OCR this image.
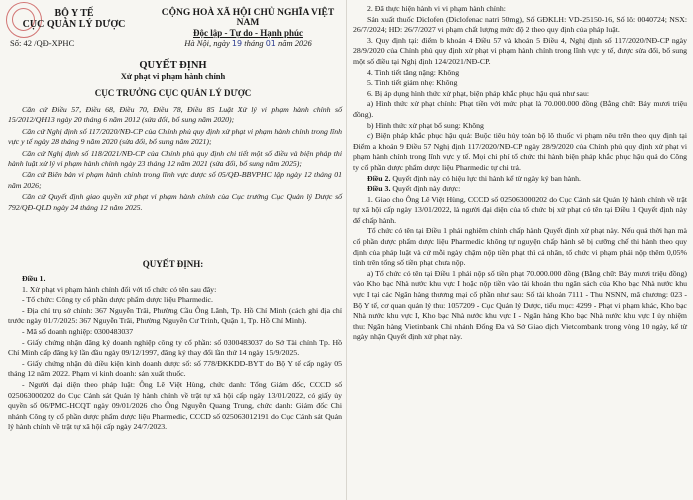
BỘ Y TẾ
CỤC QUẢN LÝ DƯỢC
Số: 42 /QĐ-XPHC
CỘNG HOÀ XÃ HỘI CHỦ NGHĨA VIỆT NAM
Độc lập - Tự do - Hạnh phúc
Hà Nội, ngày 19 tháng 01 năm 2026
QUYẾT ĐỊNH
Xử phạt vi phạm hành chính
CỤC TRƯỞNG CỤC QUẢN LÝ DƯỢC

Căn cứ Điều 57, Điều 68, Điều 70, Điều 78, Điều 85 Luật Xử lý vi phạm hành chính số 15/2012/QH13 ngày 20 tháng 6 năm 2012 (sửa đổi, bổ sung năm 2020);

Căn cứ Nghị định số 117/2020/NĐ-CP của Chính phủ quy định xử phạt vi phạm hành chính trong lĩnh vực y tế ngày 28 tháng 9 năm 2020 (sửa đổi, bổ sung năm 2021);

Căn cứ Nghị định số 118/2021/NĐ-CP của Chính phủ quy định chi tiết một số điều và biện pháp thi hành luật xử lý vi phạm hành chính ngày 23 tháng 12 năm 2021 (sửa đổi, bổ sung năm 2025);

Căn cứ Biên bản vi phạm hành chính trong lĩnh vực dược số 05/QĐ-BBVPHC lập ngày 12 tháng 01 năm 2026;

Căn cứ Quyết định giao quyền xử phạt vi phạm hành chính của Cục trưởng Cục Quản lý Dược số 792/QĐ-QLD ngày 24 tháng 12 năm 2025.

QUYẾT ĐỊNH:

Điều 1.

1. Xử phạt vi phạm hành chính đối với tổ chức có tên sau đây:

- Tổ chức: Công ty cổ phần dược phẩm dược liệu Pharmedic.

- Địa chỉ trụ sở chính: 367 Nguyễn Trãi, Phường Cầu Ông Lãnh, Tp. Hồ Chí Minh (cách ghi địa chỉ trước ngày 01/7/2025: 367 Nguyễn Trãi, Phường Nguyễn Cư Trinh, Quận 1, Tp. Hồ Chí Minh).

- Mã số doanh nghiệp: 0300483037

- Giấy chứng nhận đăng ký doanh nghiệp công ty cổ phần: số 0300483037 do Sở Tài chính Tp. Hồ Chí Minh cấp đăng ký lần đầu ngày 09/12/1997, đăng ký thay đổi lần thứ 14 ngày 15/9/2025.

- Giấy chứng nhận đủ điều kiện kinh doanh dược số: số 778/ĐKKDD-BYT do Bộ Y tế cấp ngày 05 tháng 12 năm 2022. Phạm vi kinh doanh: sản xuất thuốc.

- Người đại diện theo pháp luật: Ông Lê Việt Hùng, chức danh: Tổng Giám đốc, CCCD số 025063000202 do Cục Cảnh sát Quản lý hành chính về trật tự xã hội cấp ngày 13/01/2022, có giấy ủy quyền số 06/PMC-HCQT ngày 09/01/2026 cho Ông Nguyễn Quang Trung, chức danh: Giám đốc Chi nhánh Công ty cổ phần dược phẩm dược liệu Pharmedic, CCCD số 025063012191 do Cục Cảnh sát Quản lý hành chính về trật tự xã hội cấp ngày 24/7/2023.

2. Đã thực hiện hành vi vi phạm hành chính:

Sản xuất thuốc Diclofen (Diclofenac natri 50mg), Số GĐKLH: VD-25150-16, Số lô: 0040724; NSX: 26/7/2024; HD: 26/7/2027 vi phạm chất lượng mức độ 2 theo quy định của pháp luật.

3. Quy định tại: điểm b khoản 4 Điều 57 và khoản 5 Điều 4, Nghị định số 117/2020/NĐ-CP ngày 28/9/2020 của Chính phủ quy định xử phạt vi phạm hành chính trong lĩnh vực y tế, được sửa đổi, bổ sung một số điều tại Nghị định 124/2021/NĐ-CP.

4. Tình tiết tăng nặng: Không

5. Tình tiết giảm nhẹ: Không

6. Bị áp dụng hình thức xử phạt, biện pháp khắc phục hậu quả như sau:

a) Hình thức xử phạt chính: Phạt tiền với mức phạt là 70.000.000 đồng (Bằng chữ: Bảy mươi triệu đồng).

b) Hình thức xử phạt bổ sung: Không

c) Biện pháp khắc phục hậu quả: Buộc tiêu hủy toàn bộ lô thuốc vi phạm nêu trên theo quy định tại Điểm a khoản 9 Điều 57 Nghị định 117/2020/NĐ-CP ngày 28/9/2020 của Chính phủ quy định xử phạt vi phạm hành chính trong lĩnh vực y tế. Mọi chi phí tổ chức thi hành biện pháp khắc phục hậu quả do Công ty cổ phần dược phẩm dược liệu Pharmedic tự chi trả.

Điều 2. Quyết định này có hiệu lực thi hành kể từ ngày ký ban hành.

Điều 3. Quyết định này được:

1. Giao cho Ông Lê Việt Hùng, CCCD số 025063000202 do Cục Cảnh sát Quản lý hành chính về trật tự xã hội cấp ngày 13/01/2022, là người đại diện của tổ chức bị xử phạt có tên tại Điều 1 Quyết định này để chấp hành.

Tổ chức có tên tại Điều 1 phải nghiêm chỉnh chấp hành Quyết định xử phạt này. Nếu quá thời hạn mà cổ phần dược phẩm dược liệu Pharmedic không tự nguyện chấp hành sẽ bị cưỡng chế thi hành theo quy định của pháp luật và cứ mỗi ngày chậm nộp tiền phạt thì cá nhân, tổ chức vi phạm phải nộp thêm 0,05% tính trên tổng số tiền phạt chưa nộp.

a) Tổ chức có tên tại Điều 1 phải nộp số tiền phạt 70.000.000 đồng (Bằng chữ: Bảy mươi triệu đồng) vào Kho bạc Nhà nước khu vực I hoặc nộp tiền vào tài khoản thu ngân sách của Kho bạc Nhà nước khu vực I tại các Ngân hàng thương mại cổ phần như sau: Số tài khoản 7111 - Thu NSNN, mã chương: 023 - Bộ Y tế, cơ quan quản lý thu: 1057209 - Cục Quản lý Dược, tiểu mục: 4299 - Phạt vi phạm khác, Kho bạc Nhà nước khu vực I, Kho bạc Nhà nước khu vực I - Ngân hàng Kho bạc Nhà nước khu vực I ủy nhiệm thu: Ngân hàng Vietinbank Chi nhánh Đống Đa và Sở Giao dịch Vietcombank trong vòng 10 ngày, kể từ ngày nhận Quyết định xử phạt này.
